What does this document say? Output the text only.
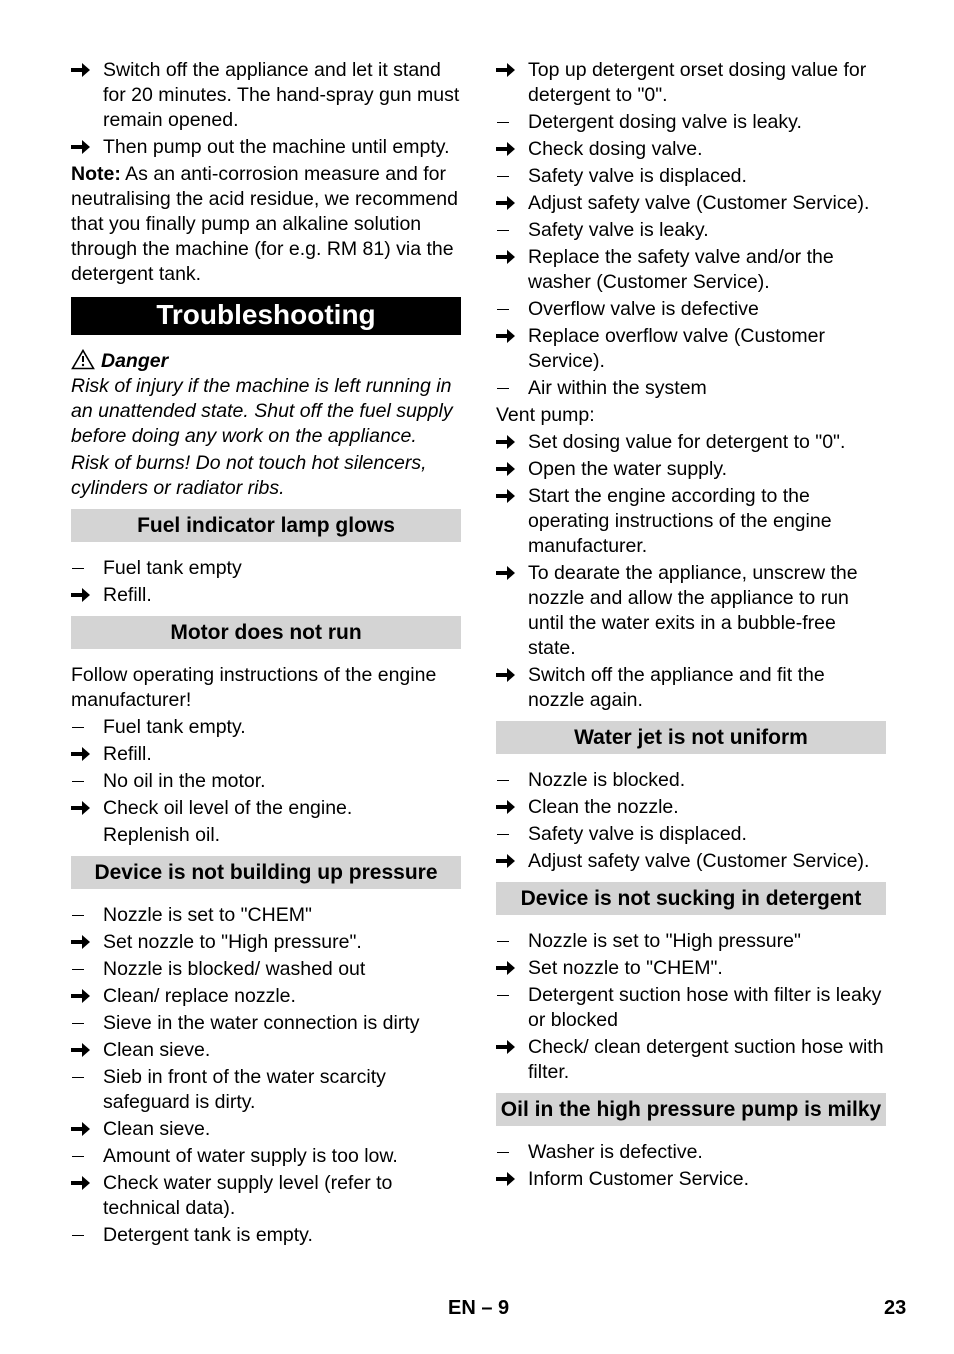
Switch off the appliance and let it stand for 20 minutes. The hand-spray gun must remain opened.
Then pump out the machine until empty.
Note: As an anti-corrosion measure and for neutralising the acid residue, we recommend that you finally pump an alkaline solution through the machine (for e.g. RM 81) via the detergent tank.
Troubleshooting
Danger
Risk of injury if the machine is left running in an unattended state. Shut off the fuel supply before doing any work on the appliance.
Risk of burns! Do not touch hot silencers, cylinders or radiator ribs.
Fuel indicator lamp glows
Fuel tank empty
Refill.
Motor does not run
Follow operating instructions of the engine manufacturer!
Fuel tank empty.
Refill.
No oil in the motor.
Check oil level of the engine.
Replenish oil.
Device is not building up pressure
Nozzle is set to "CHEM"
Set nozzle to "High pressure".
Nozzle is blocked/ washed out
Clean/ replace nozzle.
Sieve in the water connection is dirty
Clean sieve.
Sieb in front of the water scarcity safeguard is dirty.
Clean sieve.
Amount of water supply is too low.
Check water supply level (refer to technical data).
Detergent tank is empty.
Top up detergent orset dosing value for detergent to "0".
Detergent dosing valve is leaky.
Check dosing valve.
Safety valve is displaced.
Adjust safety valve (Customer Service).
Safety valve is leaky.
Replace the safety valve and/or the washer (Customer Service).
Overflow valve is defective
Replace overflow valve (Customer Service).
Air within the system
Vent pump:
Set dosing value for detergent to "0".
Open the water supply.
Start the engine according to the operating instructions of the engine manufacturer.
To dearate the appliance, unscrew the nozzle and allow the appliance to run until the water exits in a bubble-free state.
Switch off the appliance and fit the nozzle again.
Water jet is not uniform
Nozzle is blocked.
Clean the nozzle.
Safety valve is displaced.
Adjust safety valve (Customer Service).
Device is not sucking in detergent
Nozzle is set to "High pressure"
Set nozzle to "CHEM".
Detergent suction hose with filter is leaky or blocked
Check/ clean detergent suction hose with filter.
Oil in the high pressure pump is milky
Washer is defective.
Inform Customer Service.
EN – 9	23
